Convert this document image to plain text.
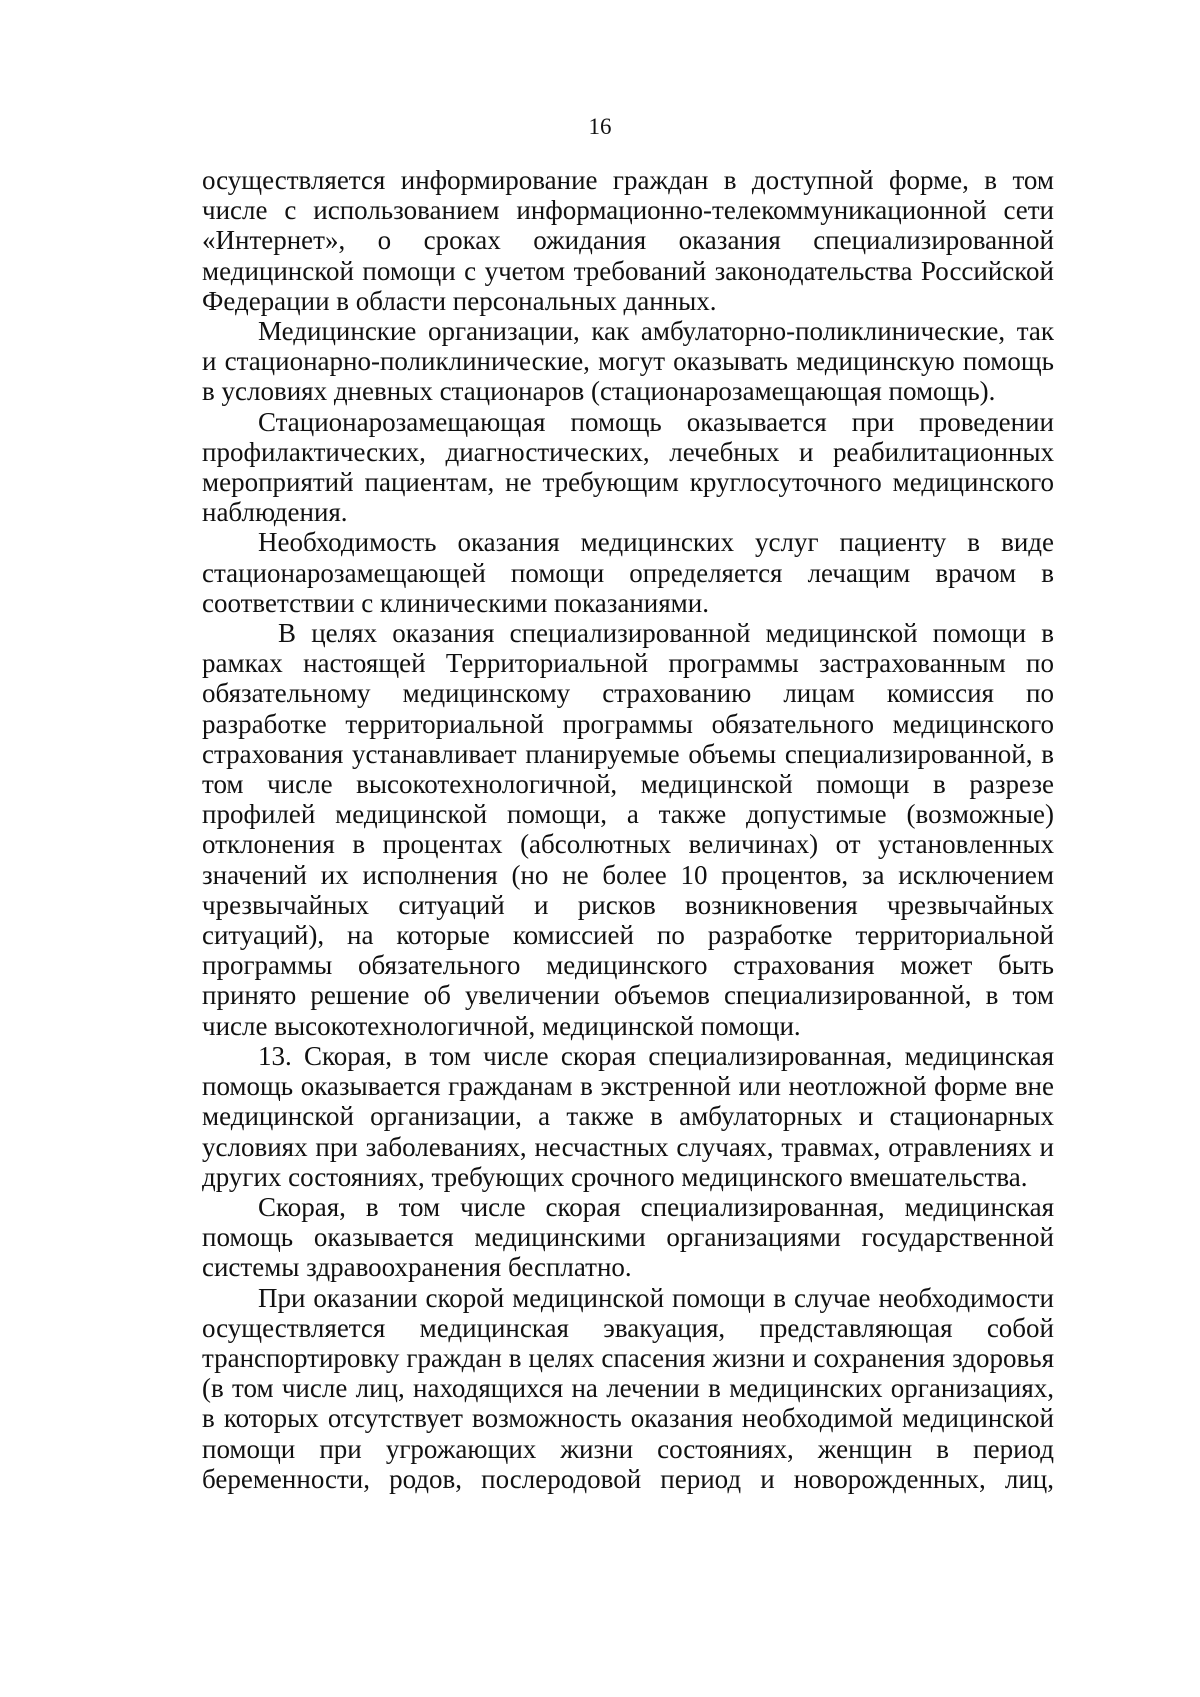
16

осуществляется информирование граждан в доступной форме, в том числе с использованием информационно-телекоммуникационной сети «Интернет», о сроках ожидания оказания специализированной медицинской помощи с учетом требований законодательства Российской Федерации в области персональных данных.

Медицинские организации, как амбулаторно-поликлинические, так и стационарно-поликлинические, могут оказывать медицинскую помощь в условиях дневных стационаров (стационарозамещающая помощь).

Стационарозамещающая помощь оказывается при проведении профилактических, диагностических, лечебных и реабилитационных мероприятий пациентам, не требующим круглосуточного медицинского наблюдения.

Необходимость оказания медицинских услуг пациенту в виде стационарозамещающей помощи определяется лечащим врачом в соответствии с клиническими показаниями.

В целях оказания специализированной медицинской помощи в рамках настоящей Территориальной программы застрахованным по обязательному медицинскому страхованию лицам комиссия по разработке территориальной программы обязательного медицинского страхования устанавливает планируемые объемы специализированной, в том числе высокотехнологичной, медицинской помощи в разрезе профилей медицинской помощи, а также допустимые (возможные) отклонения в процентах (абсолютных величинах) от установленных значений их исполнения (но не более 10 процентов, за исключением чрезвычайных ситуаций и рисков возникновения чрезвычайных ситуаций), на которые комиссией по разработке территориальной программы обязательного медицинского страхования может быть принято решение об увеличении объемов специализированной, в том числе высокотехнологичной, медицинской помощи.

13. Скорая, в том числе скорая специализированная, медицинская помощь оказывается гражданам в экстренной или неотложной форме вне медицинской организации, а также в амбулаторных и стационарных условиях при заболеваниях, несчастных случаях, травмах, отравлениях и других состояниях, требующих срочного медицинского вмешательства.

Скорая, в том числе скорая специализированная, медицинская помощь оказывается медицинскими организациями государственной системы здравоохранения бесплатно.

При оказании скорой медицинской помощи в случае необходимости осуществляется медицинская эвакуация, представляющая собой транспортировку граждан в целях спасения жизни и сохранения здоровья (в том числе лиц, находящихся на лечении в медицинских организациях, в которых отсутствует возможность оказания необходимой медицинской помощи при угрожающих жизни состояниях, женщин в период беременности, родов, послеродовой период и новорожденных, лиц,
